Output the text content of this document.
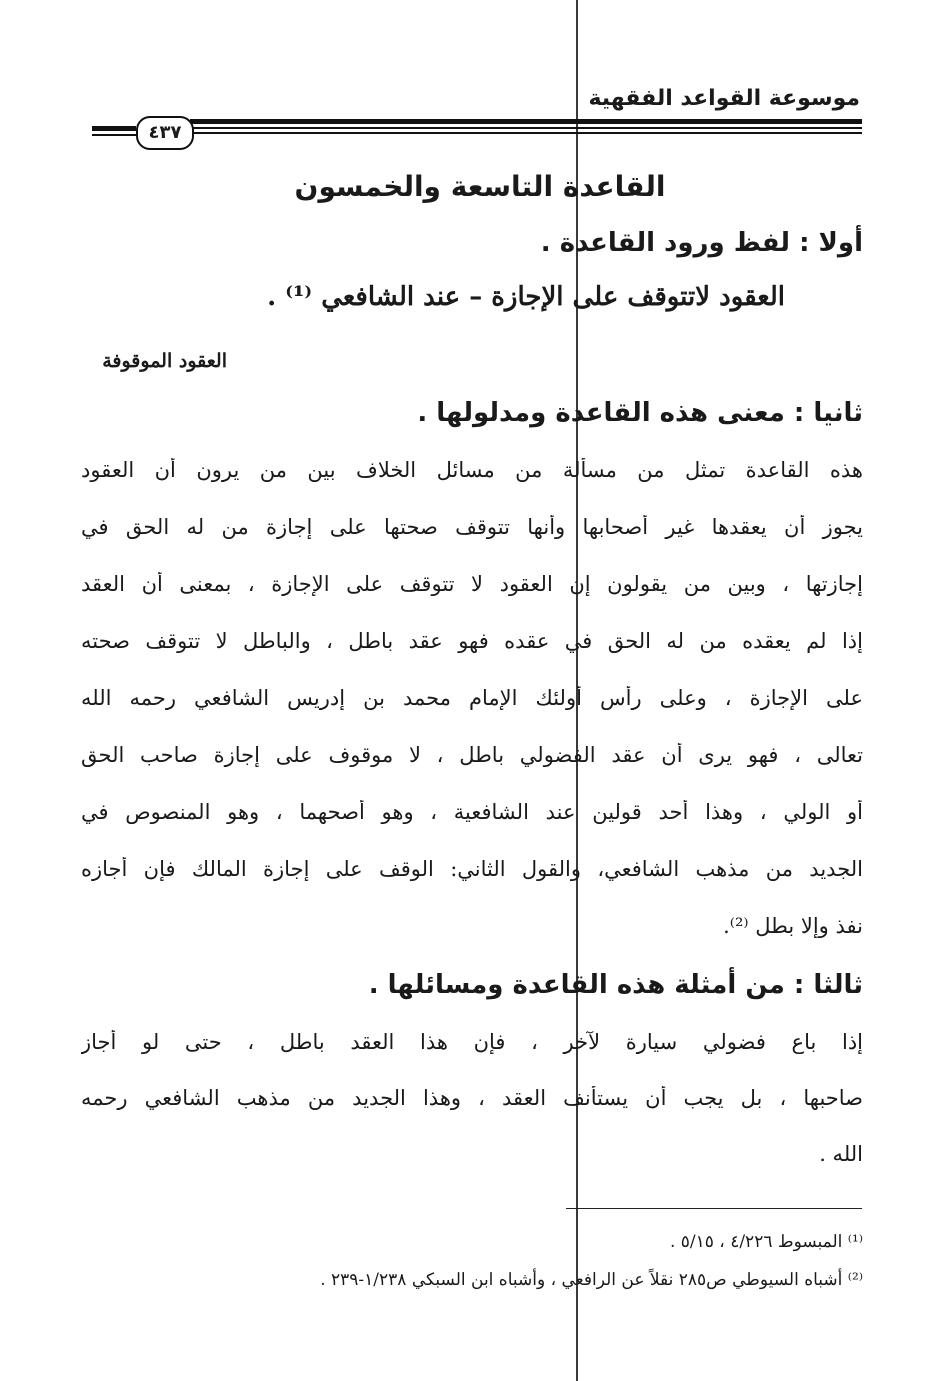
موسوعة القواعد الفقهية
٤٣٧
القاعدة التاسعة والخمسون
أولا : لفظ ورود القاعدة .
العقود لاتتوقف على الإجازة – عند الشافعي ⁽¹⁾ .
العقود الموقوفة
ثانيا : معنى هذه القاعدة ومدلولها .
هذه القاعدة تمثل من مسألة من مسائل الخلاف بين من يرون أن العقود
يجوز أن يعقدها غير أصحابها وأنها تتوقف صحتها على إجازة من له الحق في
إجازتها ، وبين من يقولون إن العقود لا تتوقف على الإجازة ، بمعنى أن العقد
إذا لم يعقده من له الحق في عقده فهو عقد باطل ، والباطل لا تتوقف صحته
على الإجازة ، وعلى رأس أولئك الإمام محمد بن إدريس الشافعي رحمه الله
تعالى ، فهو يرى أن عقد الفضولي باطل ، لا موقوف على إجازة صاحب الحق
أو الولي ، وهذا أحد قولين عند الشافعية ، وهو أصحهما ، وهو المنصوص في
الجديد من مذهب الشافعي، والقول الثاني: الوقف على إجازة المالك فإن أجازه
نفذ وإلا بطل ⁽²⁾.
ثالثا : من أمثلة هذه القاعدة ومسائلها .
إذا باع فضولي سيارة لآخر ، فإن هذا العقد باطل ، حتى لو أجاز
صاحبها ، بل يجب أن يستأنف العقد ، وهذا الجديد من مذهب الشافعي رحمه
الله .
⁽¹⁾ المبسوط ٤/٢٢٦ ، ٥/١٥ .
⁽²⁾ أشباه السيوطي ص٢٨٥ نقلاً عن الرافعي ، وأشباه ابن السبكي ١/٢٣٨-٢٣٩ .
